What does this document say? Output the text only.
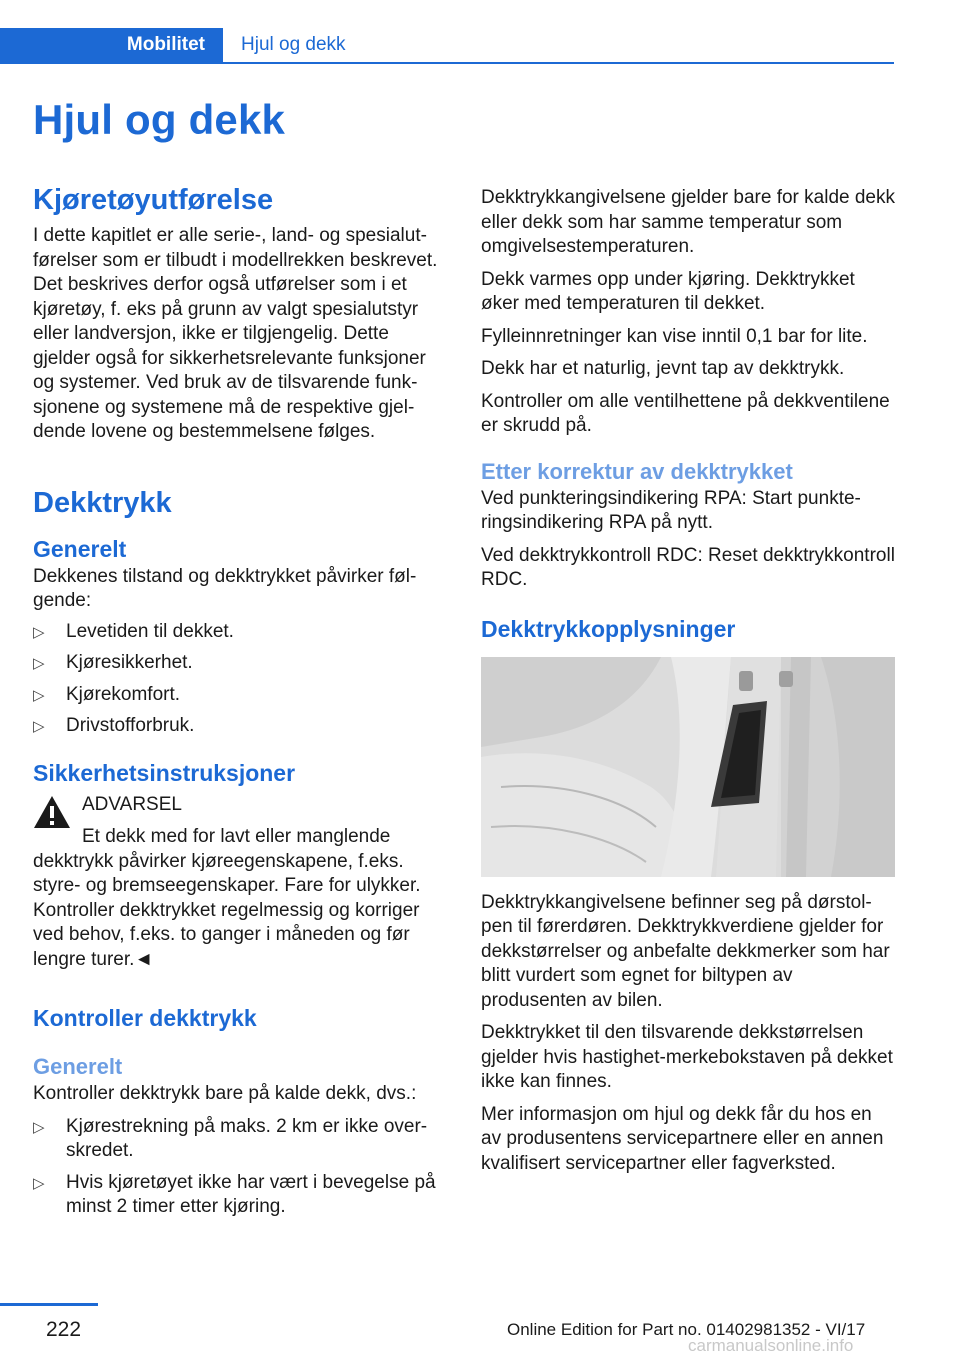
Mobilitet	Hjul og dekk
Hjul og dekk
Kjøretøyutførelse

I dette kapitlet er alle serie-, land- og spesialutførelser som er tilbudt i modellrekken beskrevet. Det beskrives derfor også utførelser som i et kjøretøy, f. eks på grunn av valgt spesialutstyr eller landversjon, ikke er tilgjengelig. Dette gjelder også for sikkerhetsrelevante funksjoner og systemer. Ved bruk av de tilsvarende funksjonene og systemene må de respektive gjeldende lovene og bestemmelsene følges.

Dekktrykk
Generelt

Dekkenes tilstand og dekktrykket påvirker følgende:

▷ Levetiden til dekket.
▷ Kjøresikkerhet.
▷ Kjørekomfort.
▷ Drivstofforbruk.
Sikkerhetsinstruksjoner
ADVARSEL

Et dekk med for lavt eller manglende dekktrykk påvirker kjøreegenskapene, f.eks. styre- og bremseegenskaper. Fare for ulykker. Kontroller dekktrykket regelmessig og korriger ved behov, f.eks. to ganger i måneden og før lengre turer.◄

Kontroller dekktrykk
Generelt

Kontroller dekktrykk bare på kalde dekk, dvs.:

▷ Kjørestrekning på maks. 2 km er ikke overskredet.
▷ Hvis kjøretøyet ikke har vært i bevegelse på minst 2 timer etter kjøring.

Dekktrykkangivelsene gjelder bare for kalde dekk eller dekk som har samme temperatur som omgivelsestemperaturen.

Dekk varmes opp under kjøring. Dekktrykket øker med temperaturen til dekket.

Fylleinnretninger kan vise inntil 0,1 bar for lite.

Dekk har et naturlig, jevnt tap av dekktrykk.

Kontroller om alle ventilhettene på dekkventilene er skrudd på.

Etter korrektur av dekktrykket

Ved punkteringsindikering RPA: Start punkteringsindikering RPA på nytt.

Ved dekktrykkontroll RDC: Reset dekktrykkontroll RDC.

Dekktrykkopplysninger

Dekktrykkangivelsene befinner seg på dørstolpen til førerdøren. Dekktrykkverdiene gjelder for dekkstørrelser og anbefalte dekkmerker som har blitt vurdert som egnet for biltypen av produsenten av bilen.

Dekktrykket til den tilsvarende dekkstørrelsen gjelder hvis hastighet-merkebokstaven på dekket ikke kan finnes.

Mer informasjon om hjul og dekk får du hos en av produsentens servicepartnere eller en annen kvalifisert servicepartner eller fagverksted.

222	Online Edition for Part no. 01402981352 - VI/17
carmanualsonline.info
